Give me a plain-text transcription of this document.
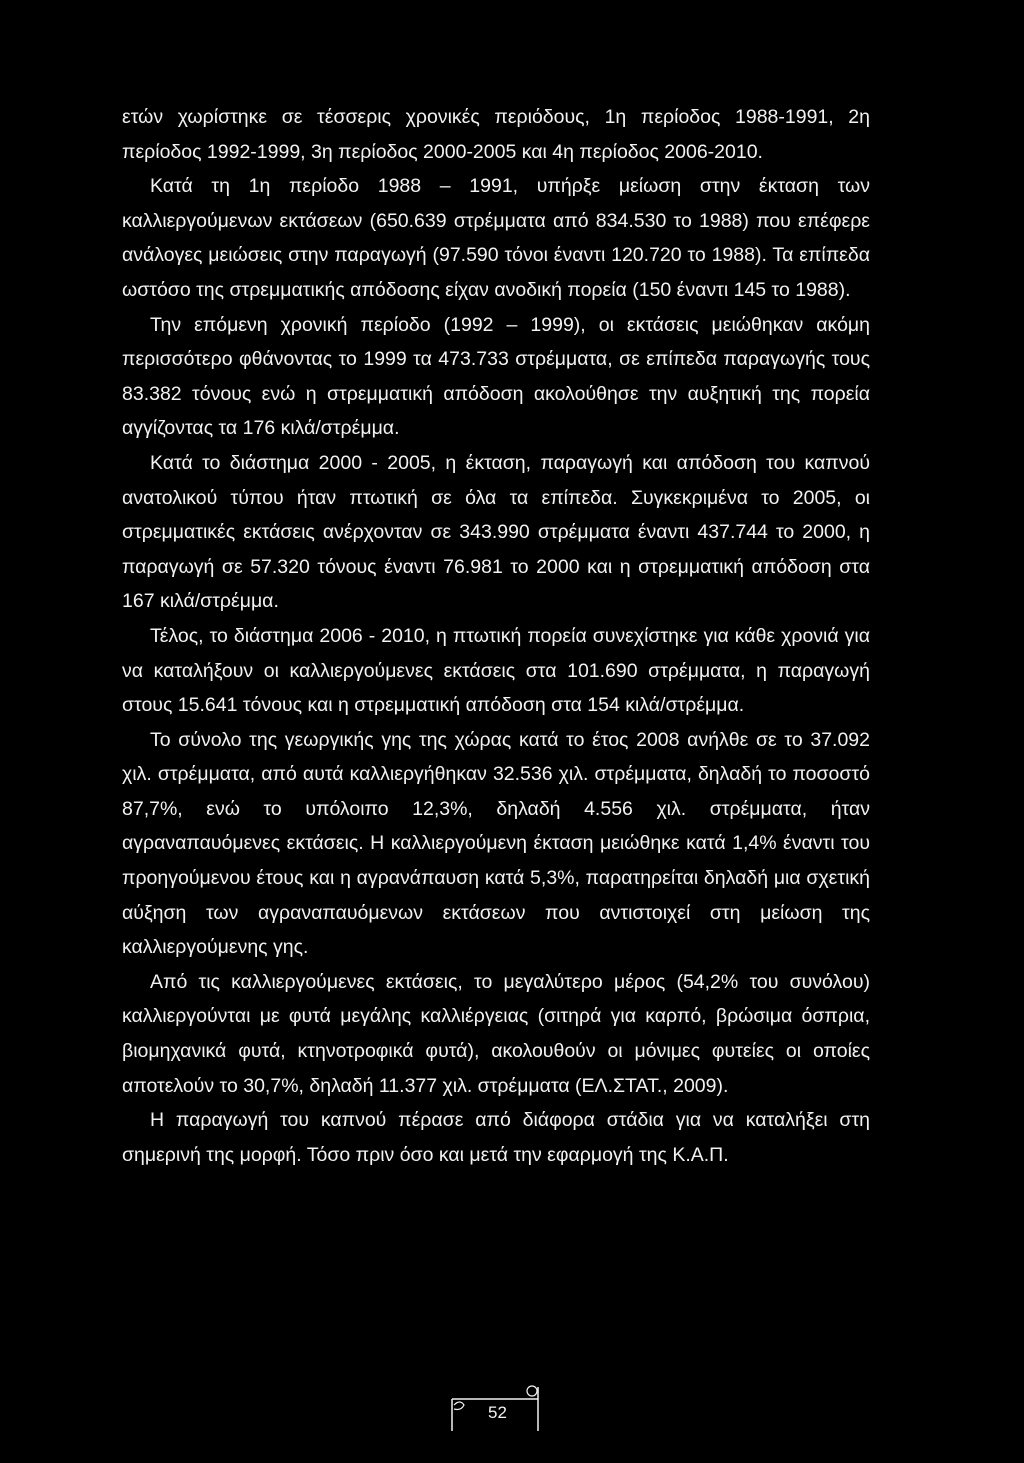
ετών χωρίστηκε σε τέσσερις χρονικές περιόδους, 1η περίοδος 1988-1991, 2η περίοδος 1992-1999, 3η περίοδος 2000-2005 και 4η περίοδος 2006-2010.

Κατά τη 1η περίοδο 1988 – 1991, υπήρξε μείωση στην έκταση των καλλιεργούμενων εκτάσεων (650.639 στρέμματα από 834.530 το 1988) που επέφερε ανάλογες μειώσεις στην παραγωγή (97.590 τόνοι έναντι 120.720 το 1988). Τα επίπεδα ωστόσο της στρεμματικής απόδοσης είχαν ανοδική πορεία (150 έναντι 145 το 1988).

Την επόμενη χρονική περίοδο (1992 – 1999), οι εκτάσεις μειώθηκαν ακόμη περισσότερο φθάνοντας το 1999 τα 473.733 στρέμματα, σε επίπεδα παραγωγής τους 83.382 τόνους ενώ η στρεμματική απόδοση ακολούθησε την αυξητική της πορεία αγγίζοντας τα 176 κιλά/στρέμμα.

Κατά το διάστημα 2000 - 2005, η έκταση, παραγωγή και απόδοση του καπνού ανατολικού τύπου ήταν πτωτική σε όλα τα επίπεδα. Συγκεκριμένα το 2005, οι στρεμματικές εκτάσεις ανέρχονταν σε 343.990 στρέμματα έναντι 437.744 το 2000, η παραγωγή σε 57.320 τόνους έναντι 76.981 το 2000 και η στρεμματική απόδοση στα 167 κιλά/στρέμμα.

Τέλος, το διάστημα 2006 - 2010, η πτωτική πορεία συνεχίστηκε για κάθε χρονιά για να καταλήξουν οι καλλιεργούμενες εκτάσεις στα 101.690 στρέμματα, η παραγωγή στους 15.641 τόνους και η στρεμματική απόδοση στα 154 κιλά/στρέμμα.

Το σύνολο της γεωργικής γης της χώρας κατά το έτος 2008 ανήλθε σε το 37.092 χιλ. στρέμματα, από αυτά καλλιεργήθηκαν 32.536 χιλ. στρέμματα, δηλαδή το ποσοστό 87,7%, ενώ το υπόλοιπο 12,3%, δηλαδή 4.556 χιλ. στρέμματα, ήταν αγραναπαυόμενες εκτάσεις. Η καλλιεργούμενη έκταση μειώθηκε κατά 1,4% έναντι του προηγούμενου έτους και η αγρανάπαυση κατά 5,3%, παρατηρείται δηλαδή μια σχετική αύξηση των αγραναπαυόμενων εκτάσεων που αντιστοιχεί στη μείωση της καλλιεργούμενης γης.

Από τις καλλιεργούμενες εκτάσεις, το μεγαλύτερο μέρος (54,2% του συνόλου) καλλιεργούνται με φυτά μεγάλης καλλιέργειας (σιτηρά για καρπό, βρώσιμα όσπρια, βιομηχανικά φυτά, κτηνοτροφικά φυτά), ακολουθούν οι μόνιμες φυτείες οι οποίες αποτελούν το 30,7%, δηλαδή 11.377 χιλ. στρέμματα (ΕΛ.ΣΤΑΤ., 2009).

Η παραγωγή του καπνού πέρασε από διάφορα στάδια για να καταλήξει στη σημερινή της μορφή. Τόσο πριν όσο και μετά την εφαρμογή της Κ.Α.Π.

52
